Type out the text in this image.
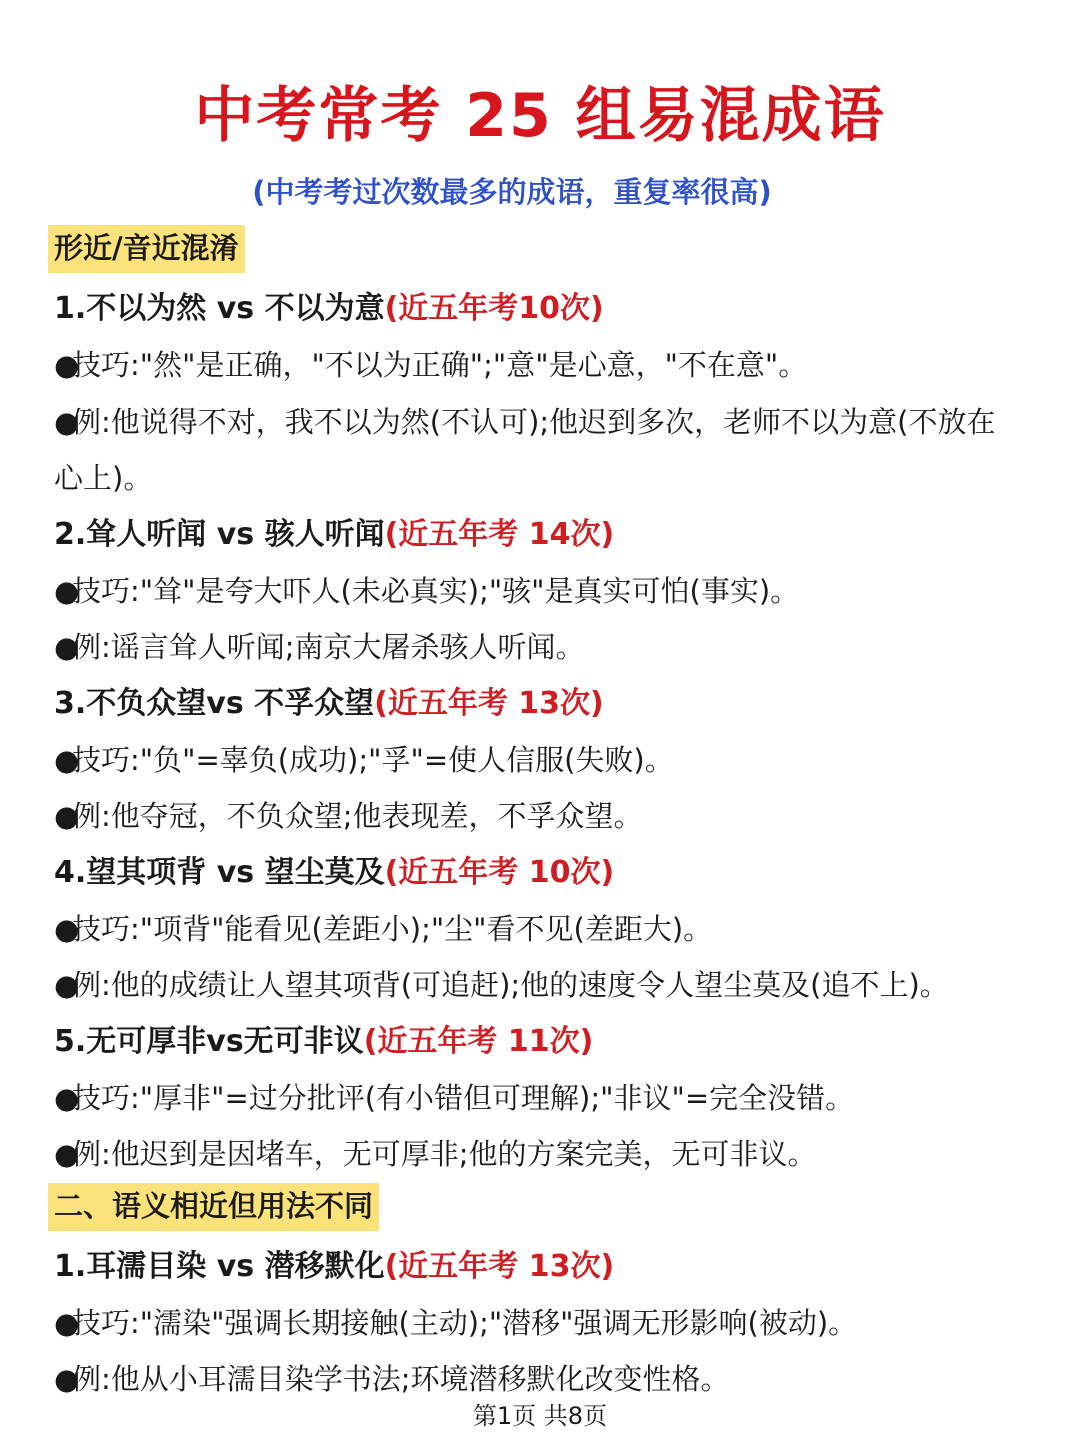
中考常考 25 组易混成语
(中考考过次数最多的成语，重复率很高)
形近/音近混淆
1.不以为然 vs 不以为意(近五年考10次)
●技巧:"然"是正确，"不以为正确";"意"是心意，"不在意"。
●例:他说得不对，我不以为然(不认可);他迟到多次，老师不以为意(不放在心上)。
2.耸人听闻 vs 骇人听闻(近五年考 14次)
●技巧:"耸"是夸大吓人(未必真实);"骇"是真实可怕(事实)。
●例:谣言耸人听闻;南京大屠杀骇人听闻。
3.不负众望vs 不孚众望(近五年考 13次)
●技巧:"负"=辜负(成功);"孚"=使人信服(失败)。
●例:他夺冠，不负众望;他表现差，不孚众望。
4.望其项背 vs 望尘莫及(近五年考 10次)
●技巧:"项背"能看见(差距小);"尘"看不见(差距大)。
●例:他的成绩让人望其项背(可追赶);他的速度令人望尘莫及(追不上)。
5.无可厚非vs无可非议(近五年考 11次)
●技巧:"厚非"=过分批评(有小错但可理解);"非议"=完全没错。
●例:他迟到是因堵车，无可厚非;他的方案完美，无可非议。
二、语义相近但用法不同
1.耳濡目染 vs 潜移默化(近五年考 13次)
●技巧:"濡染"强调长期接触(主动);"潜移"强调无形影响(被动)。
●例:他从小耳濡目染学书法;环境潜移默化改变性格。
第1页 共8页
